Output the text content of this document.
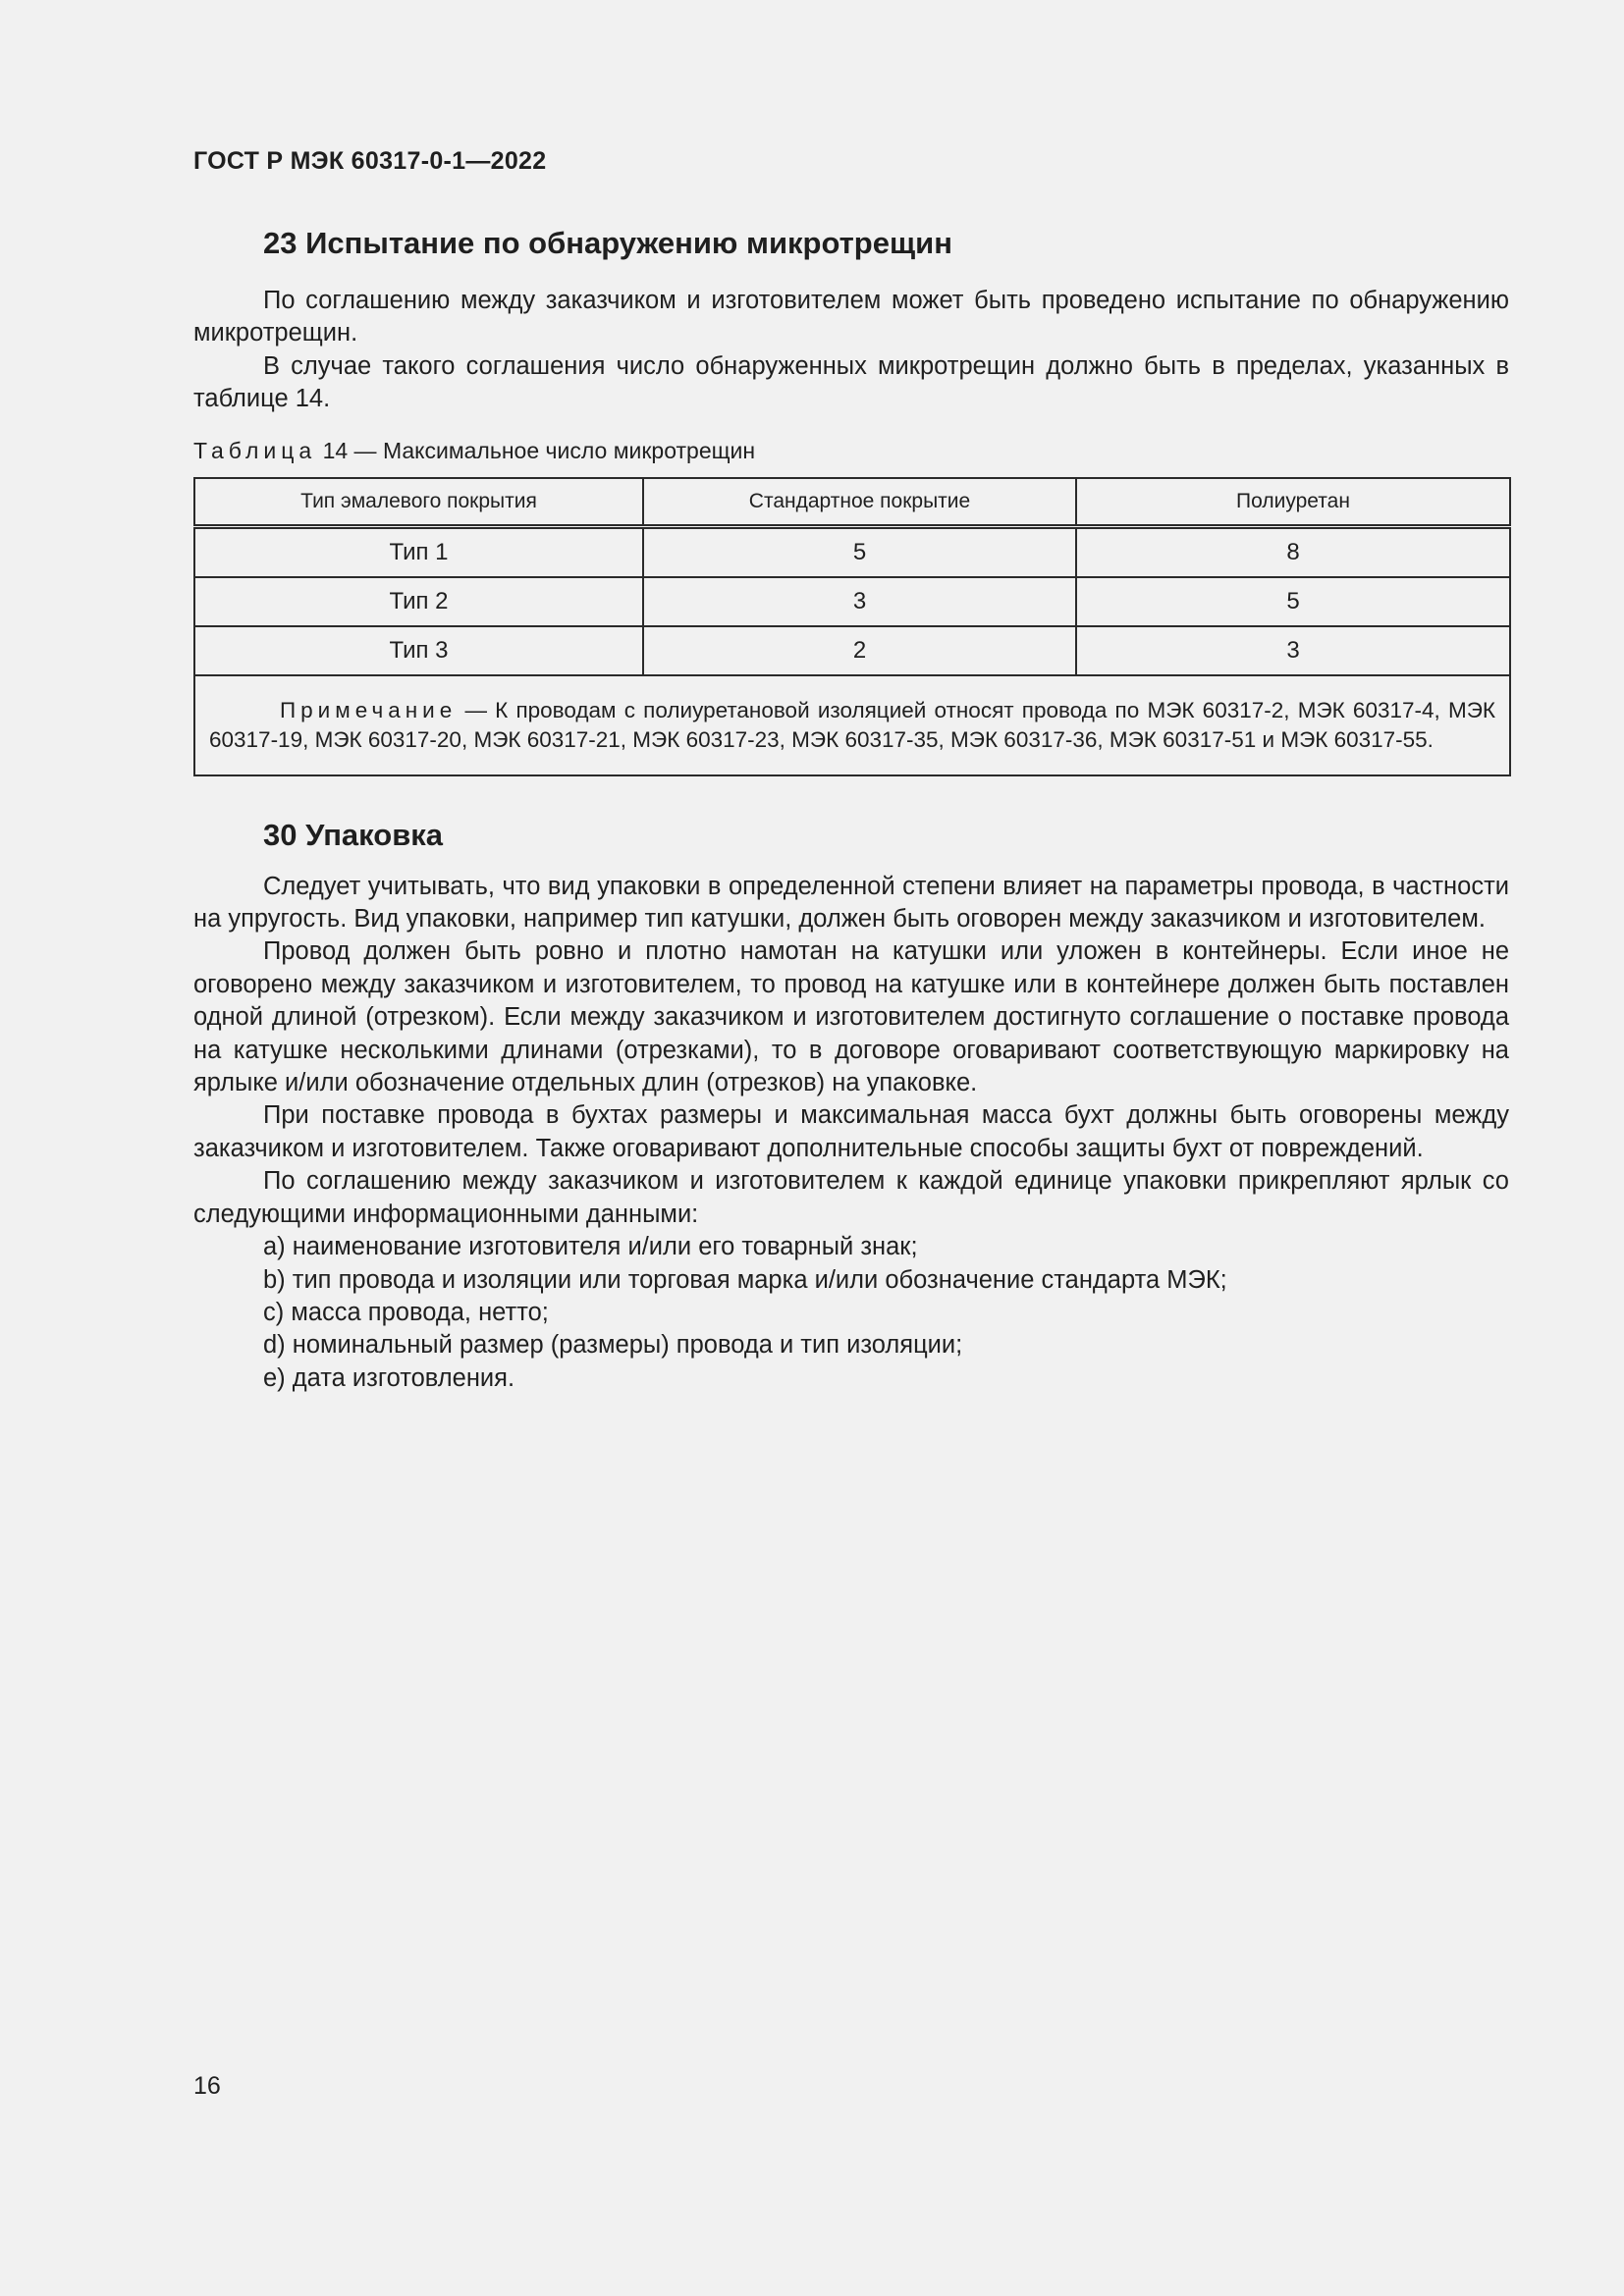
ГОСТ Р МЭК 60317-0-1—2022
23 Испытание по обнаружению микротрещин

По соглашению между заказчиком и изготовителем может быть проведено испытание по обнаружению микротрещин.

В случае такого соглашения число обнаруженных микротрещин должно быть в пределах, указанных в таблице 14.

Таблица 14 — Максимальное число микротрещин
Тип эмалевого покрытия	Стандартное покрытие	Полиуретан
Тип 1	5	8
Тип 2	3	5
Тип 3	2	3
Примечание — К проводам с полиуретановой изоляцией относят провода по МЭК 60317-2, МЭК 60317-4, МЭК 60317-19, МЭК 60317-20, МЭК 60317-21, МЭК 60317-23, МЭК 60317-35, МЭК 60317-36, МЭК 60317-51 и МЭК 60317-55.		
30 Упаковка

Следует учитывать, что вид упаковки в определенной степени влияет на параметры провода, в частности на упругость. Вид упаковки, например тип катушки, должен быть оговорен между заказчиком и изготовителем.

Провод должен быть ровно и плотно намотан на катушки или уложен в контейнеры. Если иное не оговорено между заказчиком и изготовителем, то провод на катушке или в контейнере должен быть поставлен одной длиной (отрезком). Если между заказчиком и изготовителем достигнуто соглашение о поставке провода на катушке несколькими длинами (отрезками), то в договоре оговаривают соответствующую маркировку на ярлыке и/или обозначение отдельных длин (отрезков) на упаковке.

При поставке провода в бухтах размеры и максимальная масса бухт должны быть оговорены между заказчиком и изготовителем. Также оговаривают дополнительные способы защиты бухт от повреждений.

По соглашению между заказчиком и изготовителем к каждой единице упаковки прикрепляют ярлык со следующими информационными данными:

a) наименование изготовителя и/или его товарный знак;
b) тип провода и изоляции или торговая марка и/или обозначение стандарта МЭК;
c) масса провода, нетто;
d) номинальный размер (размеры) провода и тип изоляции;
e) дата изготовления.
16
